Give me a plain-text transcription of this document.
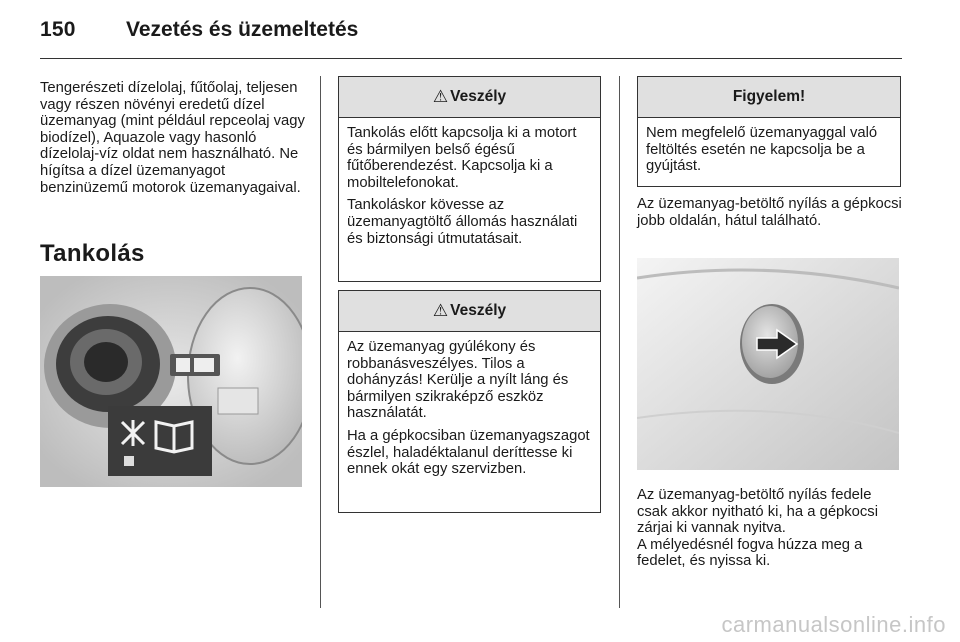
150 Vezetés és üzemeltetés

Tengerészeti dízelolaj, fűtőolaj, teljesen vagy részen növényi eredetű dízel üzemanyag (mint például repceolaj vagy biodízel), Aquazole vagy hasonló dízelolaj-víz oldat nem használható. Ne hígítsa a dízel üzemanyagot benzinüzemű motorok üzemanyagaival.

Tankolás
⚠ Veszély

Tankolás előtt kapcsolja ki a motort és bármilyen belső égésű fűtőberendezést. Kapcsolja ki a mobiltelefonokat.

Tankoláskor kövesse az üzemanyagtöltő állomás használati és biztonsági útmutatásait.

⚠ Veszély

Az üzemanyag gyúlékony és robbanásveszélyes. Tilos a dohányzás! Kerülje a nyílt láng és bármilyen szikraképző eszköz használatát.

Ha a gépkocsiban üzemanyagszagot észlel, haladéktalanul deríttesse ki ennek okát egy szervizben.

Figyelem!

Nem megfelelő üzemanyaggal való feltöltés esetén ne kapcsolja be a gyújtást.

Az üzemanyag-betöltő nyílás a gépkocsi jobb oldalán, hátul található.

Az üzemanyag-betöltő nyílás fedele csak akkor nyitható ki, ha a gépkocsi zárjai ki vannak nyitva.

A mélyedésnél fogva húzza meg a fedelet, és nyissa ki.

carmanualsonline.info
